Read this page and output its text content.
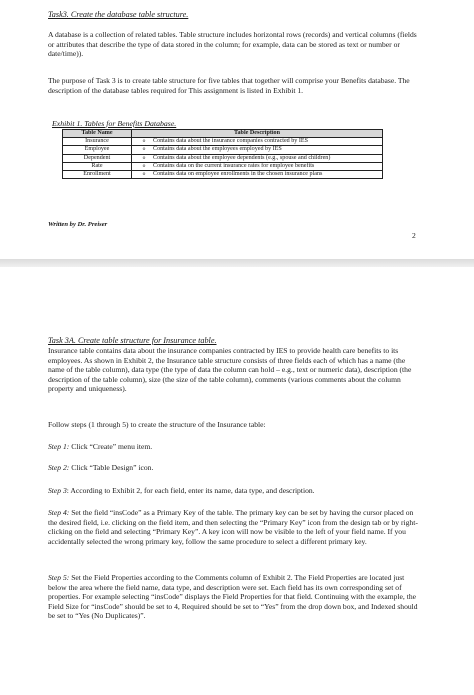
Task3. Create the database table structure.

A database is a collection of related tables. Table structure includes horizontal rows (records) and vertical columns (fields or attributes that describe the type of data stored in the column; for example, data can be stored as text or number or date/time)).

The purpose of Task 3 is to create table structure for five tables that together will comprise your Benefits database. The description of the database tables required for This assignment is listed in Exhibit 1.

Exhibit 1. Tables for Benefits Database.
Table Name	Table Description
Insurance	o Contains data about the insurance companies contracted by IES
Employee	o Contains data about the employees employed by IES
Dependent	o Contains data about the employee dependents (e.g., spouse and children)
Rate	o Contains data on the current insurance rates for employee benefits
Enrollment	o Contains data on employee enrollments in the chosen insurance plans
Written by Dr. Preiser
2
Task 3A. Create table structure for Insurance table.

Insurance table contains data about the insurance companies contracted by IES to provide health care benefits to its employees. As shown in Exhibit 2, the Insurance table structure consists of three fields each of which has a name (the name of the table column), data type (the type of data the column can hold – e.g., text or numeric data), description (the description of the table column), size (the size of the table column), comments (various comments about the column property and uniqueness).

Follow steps (1 through 5) to create the structure of the Insurance table:

Step 1: Click “Create” menu item.

Step 2: Click “Table Design” icon.

Step 3: According to Exhibit 2, for each field, enter its name, data type, and description.

Step 4: Set the field “insCode” as a Primary Key of the table. The primary key can be set by having the cursor placed on the desired field, i.e. clicking on the field item, and then selecting the “Primary Key” icon from the design tab or by right-clicking on the field and selecting “Primary Key”. A key icon will now be visible to the left of your field name. If you accidentally selected the wrong primary key, follow the same procedure to select a different primary key.

Step 5: Set the Field Properties according to the Comments column of Exhibit 2. The Field Properties are located just below the area where the field name, data type, and description were set. Each field has its own corresponding set of properties. For example selecting “insCode” displays the Field Properties for that field. Continuing with the example, the Field Size for “insCode” should be set to 4, Required should be set to “Yes” from the drop down box, and Indexed should be set to “Yes (No Duplicates)”.
